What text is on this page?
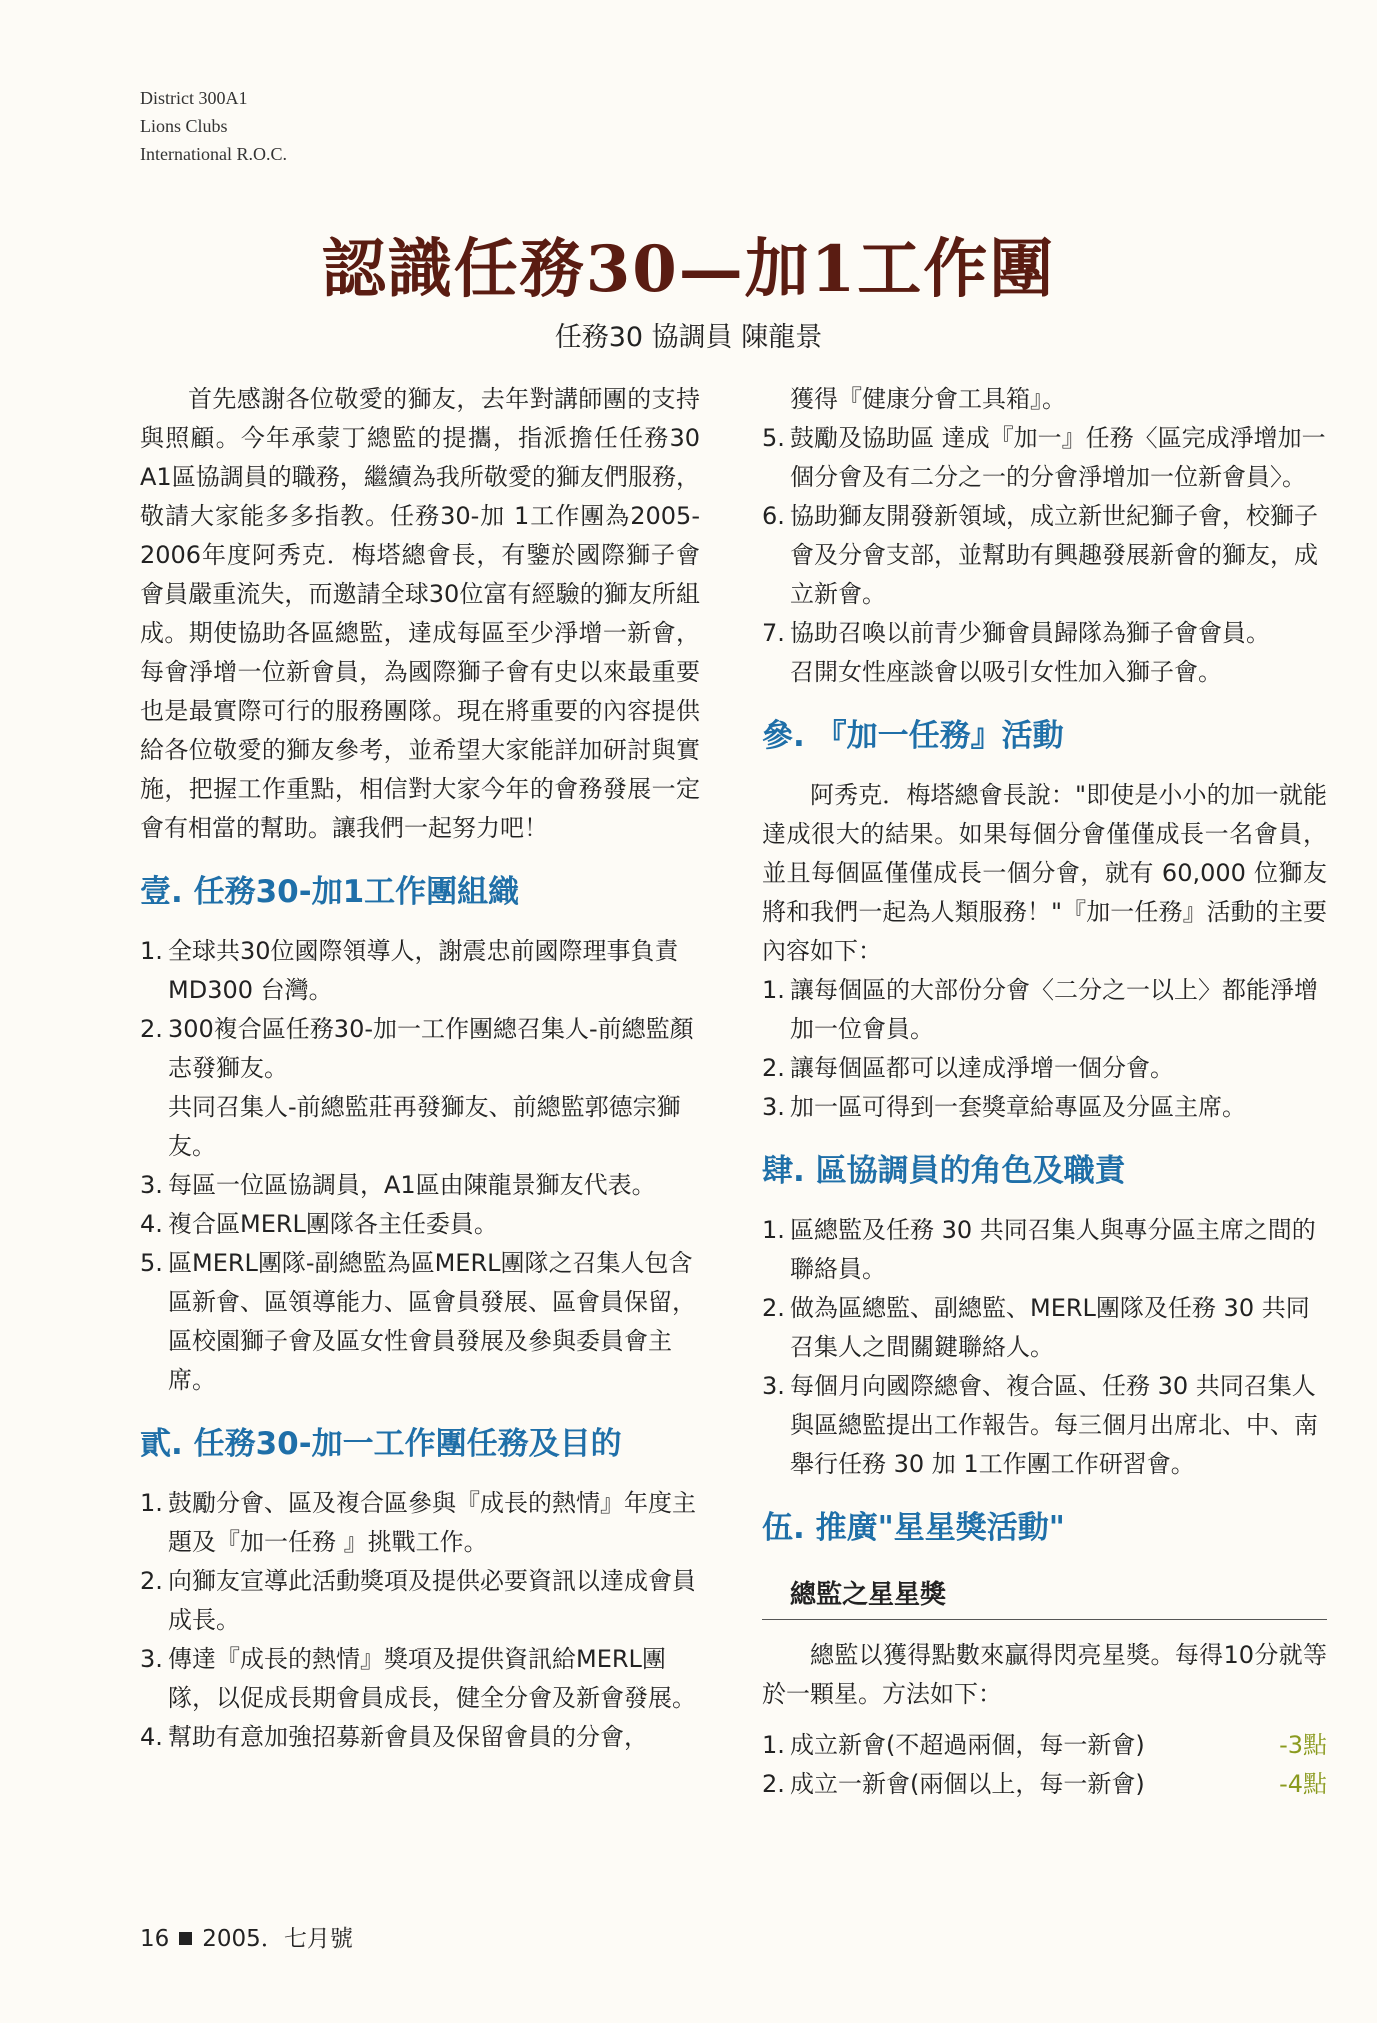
District 300A1
Lions Clubs
International R.O.C.
認識任務30—加1工作團
任務30 協調員 陳龍景

首先感謝各位敬愛的獅友，去年對講師團的支持與照顧。今年承蒙丁總監的提攜，指派擔任任務30 A1區協調員的職務，繼續為我所敬愛的獅友們服務，敬請大家能多多指教。任務30-加 1工作團為2005-2006年度阿秀克．梅塔總會長，有鑒於國際獅子會會員嚴重流失，而邀請全球30位富有經驗的獅友所組成。期使協助各區總監，達成每區至少淨增一新會，每會淨增一位新會員，為國際獅子會有史以來最重要也是最實際可行的服務團隊。現在將重要的內容提供給各位敬愛的獅友參考，並希望大家能詳加研討與實施，把握工作重點，相信對大家今年的會務發展一定會有相當的幫助。讓我們一起努力吧！

壹. 任務30-加1工作團組織
1. 全球共30位國際領導人，謝震忠前國際理事負責MD300 台灣。
2. 300複合區任務30-加一工作團總召集人-前總監顏志發獅友。
共同召集人-前總監莊再發獅友、前總監郭德宗獅友。
3. 每區一位區協調員，A1區由陳龍景獅友代表。
4. 複合區MERL團隊各主任委員。
5. 區MERL團隊-副總監為區MERL團隊之召集人包含區新會、區領導能力、區會員發展、區會員保留，區校園獅子會及區女性會員發展及參與委員會主席。
貳. 任務30-加一工作團任務及目的
1. 鼓勵分會、區及複合區參與『成長的熱情』年度主題及『加一任務 』挑戰工作。
2. 向獅友宣導此活動獎項及提供必要資訊以達成會員成長。
3. 傳達『成長的熱情』獎項及提供資訊給MERL團隊，以促成長期會員成長，健全分會及新會發展。
4. 幫助有意加強招募新會員及保留會員的分會，

獲得『健康分會工具箱』。

5. 鼓勵及協助區 達成『加一』任務〈區完成淨增加一個分會及有二分之一的分會淨增加一位新會員〉。
6. 協助獅友開發新領域，成立新世紀獅子會，校獅子會及分會支部，並幫助有興趣發展新會的獅友，成立新會。
7. 協助召喚以前青少獅會員歸隊為獅子會會員。

召開女性座談會以吸引女性加入獅子會。

參. 『加一任務』活動

阿秀克．梅塔總會長說："即使是小小的加一就能達成很大的結果。如果每個分會僅僅成長一名會員，並且每個區僅僅成長一個分會，就有 60,000 位獅友將和我們一起為人類服務！"『加一任務』活動的主要內容如下：

1. 讓每個區的大部份分會〈二分之一以上〉都能淨增加一位會員。
2. 讓每個區都可以達成淨增一個分會。
3. 加一區可得到一套獎章給專區及分區主席。
肆. 區協調員的角色及職責
1. 區總監及任務 30 共同召集人與專分區主席之間的聯絡員。
2. 做為區總監、副總監、MERL團隊及任務 30 共同召集人之間關鍵聯絡人。
3. 每個月向國際總會、複合區、任務 30 共同召集人與區總監提出工作報告。每三個月出席北、中、南舉行任務 30 加 1工作團工作研習會。
伍. 推廣"星星獎活動"
總監之星星獎

總監以獲得點數來贏得閃亮星獎。每得10分就等於一顆星。方法如下：

1. 成立新會(不超過兩個，每一新會)	-3點
2. 成立一新會(兩個以上，每一新會)	-4點
16 2005．七月號
